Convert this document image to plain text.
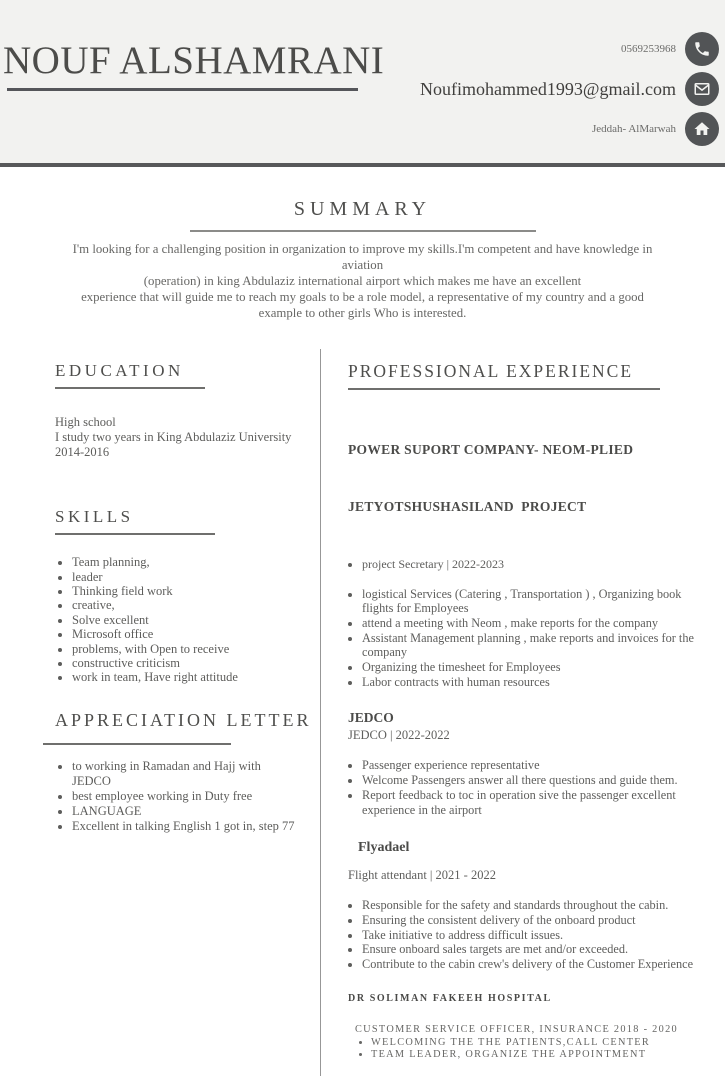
NOUF ALSHAMRANI	0569253968
Noufimohammed1993@gmail.com
Jeddah- AlMarwah
SUMMARY

I'm looking for a challenging position in organization to improve my skills.I'm competent and have knowledge in
aviation
(operation) in king Abdulaziz international airport which makes me have an excellent
experience that will guide me to reach my goals to be a role model, a representative of my country and a good
example to other girls Who is interested.

EDUCATION
High school
I study two years in King Abdulaziz University
2014-2016
SKILLS
• Team planning,
• leader
• Thinking field work
• creative,
• Solve excellent
• Microsoft office
• problems, with Open to receive
• constructive criticism
• work in team, Have right attitude
APPRECIATION LETTER
• to working in Ramadan and Hajj with JEDCO
• best employee working in Duty free
• LANGUAGE
• Excellent in talking English 1 got in, step 77
PROFESSIONAL EXPERIENCE

POWER SUPORT COMPANY- NEOM-PLIED

JETYOTSHUSHASILAND  PROJECT

• project Secretary | 2022-2023
• logistical Services (Catering , Transportation ) , Organizing book flights for Employees
• attend a meeting with Neom , make reports for the company
• Assistant Management planning , make reports and invoices for the company
• Organizing the timesheet for Employees
• Labor contracts with human resources
JEDCO
JEDCO | 2022-2022
• Passenger experience representative
• Welcome Passengers answer all there questions and guide them.
• Report feedback to toc in operation sive the passenger excellent experience in the airport
Flyadael
Flight attendant | 2021 - 2022
• Responsible for the safety and standards throughout the cabin.
• Ensuring the consistent delivery of the onboard product
• Take initiative to address difficult issues.
• Ensure onboard sales targets are met and/or exceeded.
• Contribute to the cabin crew's delivery of the Customer Experience
DR SOLIMAN FAKEEH HOSPITAL
CUSTOMER SERVICE OFFICER, INSURANCE 2018 - 2020
• WELCOMING THE THE PATIENTS,CALL CENTER
• TEAM LEADER, ORGANIZE THE APPOINTMENT
